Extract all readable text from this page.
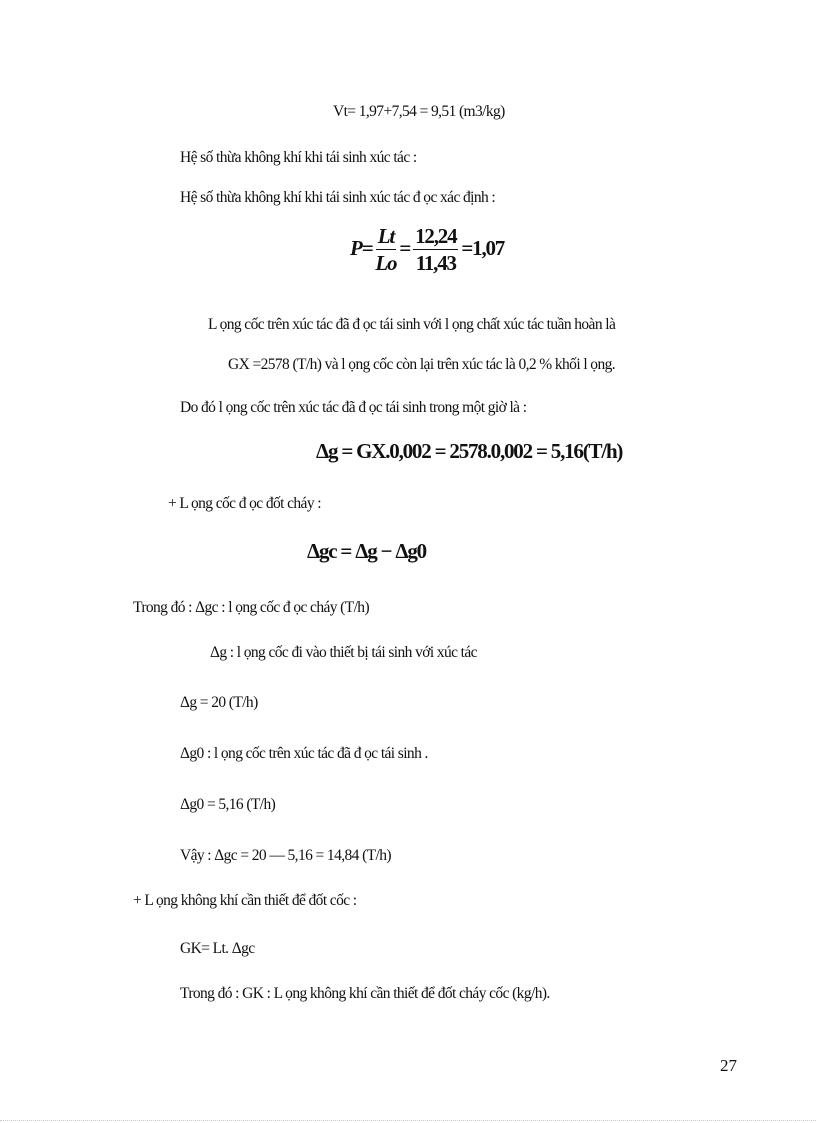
Vt= 1,97+7,54 = 9,51 (m3/kg)
Hệ số thừa không khí khi tái sinh xúc tác :
Hệ số thừa không khí khi tái sinh xúc tác đ ọc xác định :
$P= \frac{Lt}{Lo} = \frac{12,24}{11,43} =1,07$
L ọng cốc trên xúc tác đã đ ọc tái sinh với l ọng chất xúc tác tuần hoàn là
GX =2578 (T/h) và l ọng cốc còn lại trên xúc tác là 0,2 % khối l ọng.
Do đó l ọng cốc trên xúc tác đã đ ọc tái sinh trong một giờ là :
Δg = GX.0,002 = 2578.0,002 = 5,16(T/h)
+ L ọng cốc đ ọc đốt cháy :
Δgc = Δg − Δg0
Trong đó : Δgc : l ọng cốc đ ọc cháy (T/h)
Δg : l ọng cốc đi vào thiết bị tái sinh với xúc tác
Δg = 20 (T/h)
Δg0 : l ọng cốc trên xúc tác đã đ ọc tái sinh .
Δg0 = 5,16 (T/h)
Vậy : Δgc = 20 — 5,16 = 14,84 (T/h)
+ L ọng không khí cần thiết để đốt cốc :
GK= Lt. Δgc
Trong đó : GK : L ọng không khí cần thiết để đốt cháy cốc (kg/h).
27
